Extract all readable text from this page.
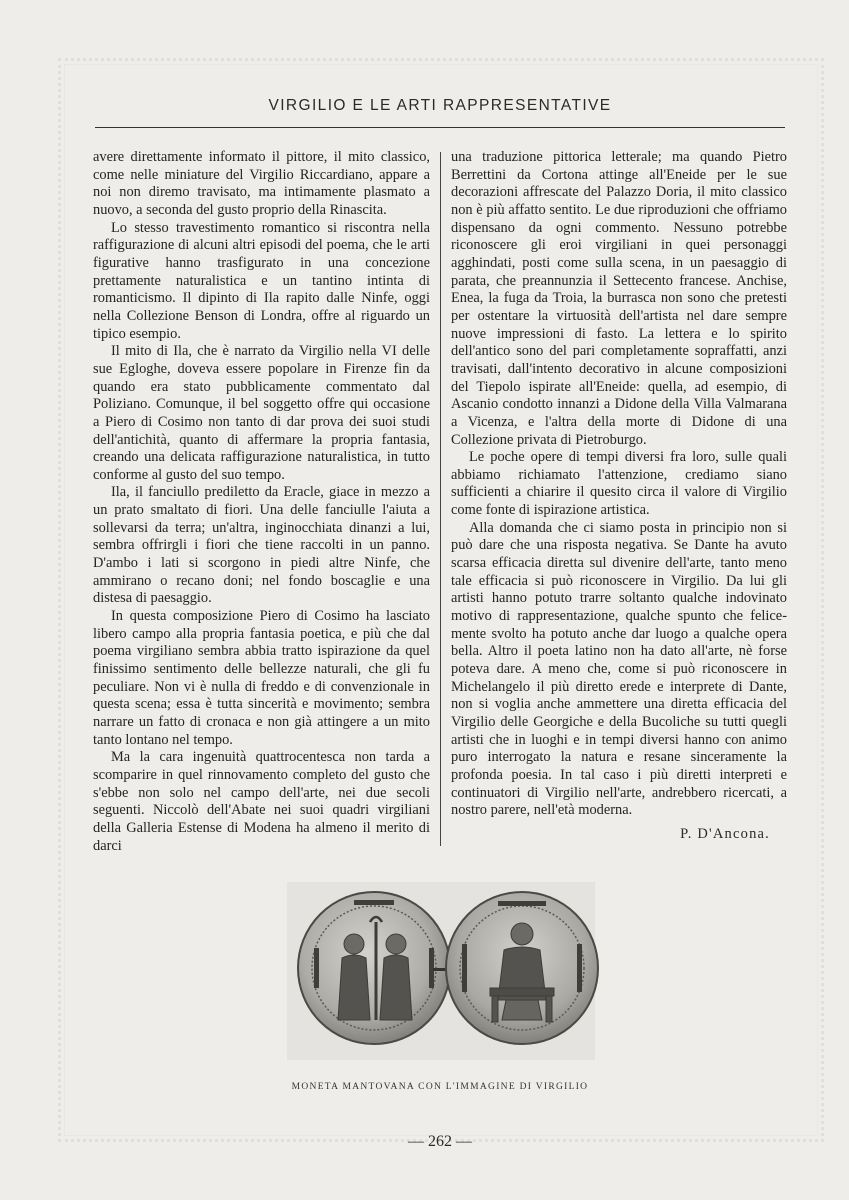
VIRGILIO E LE ARTI RAPPRESENTATIVE

avere direttamente informato il pittore, il mito classico, come nelle miniature del Virgilio Riccardiano, appare a noi non diremo travisato, ma intimamente plasmato a nuovo, a seconda del gusto proprio della Rinascita.

Lo stesso travestimento romantico si riscontra nella raffigurazione di alcuni altri episodi del poema, che le arti figurative hanno trasfigurato in una concezione prettamente naturalistica e un tantino intinta di romanticismo. Il dipinto di Ila rapito dalle Ninfe, oggi nella Collezione Benson di Londra, offre al riguardo un tipico esempio.

Il mito di Ila, che è narrato da Virgilio nella VI delle sue Egloghe, doveva essere popolare in Firenze fin da quando era stato pubblicamente commentato dal Poliziano. Comunque, il bel soggetto offre qui occasione a Piero di Cosimo non tanto di dar prova dei suoi studi dell'antichità, quanto di affermare la propria fantasia, creando una delicata raffigurazione naturalistica, in tutto conforme al gusto del suo tempo.

Ila, il fanciullo prediletto da Eracle, giace in mezzo a un prato smaltato di fiori. Una delle fanciulle l'aiuta a sollevarsi da terra; un'altra, inginocchiata dinanzi a lui, sembra offrirgli i fiori che tiene raccolti in un panno. D'ambo i lati si scorgono in piedi altre Ninfe, che ammirano o recano doni; nel fondo boscaglie e una distesa di paesaggio.

In questa composizione Piero di Cosimo ha lasciato libero campo alla propria fantasia poetica, e più che dal poema virgiliano sembra abbia tratto ispirazione da quel finissimo sentimento delle bellezze naturali, che gli fu peculiare. Non vi è nulla di freddo e di convenzionale in questa scena; essa è tutta sincerità e movimento; sembra narrare un fatto di cronaca e non già attingere a un mito tanto lontano nel tempo.

Ma la cara ingenuità quattrocentesca non tarda a scomparire in quel rinnovamento completo del gusto che s'ebbe non solo nel campo dell'arte, nei due secoli seguenti. Niccolò dell'Abate nei suoi quadri virgiliani della Galleria Estense di Modena ha almeno il merito di darci

una traduzione pittorica letterale; ma quando Pietro Berrettini da Cortona attinge all'Eneide per le sue decorazioni affrescate del Palazzo Doria, il mito classico non è più affatto sentito. Le due riproduzioni che offriamo dispensano da ogni commento. Nessuno potrebbe riconoscere gli eroi virgiliani in quei personaggi agghindati, posti come sulla scena, in un paesaggio di parata, che preannunzia il Settecento francese. Anchise, Enea, la fuga da Troia, la burrasca non sono che pretesti per ostentare la virtuosità dell'artista nel dare sempre nuove impressioni di fasto. La lettera e lo spirito dell'antico sono del pari completamente sopraffatti, anzi travisati, dall'intento decorativo in alcune composizioni del Tiepolo ispirate all'Eneide: quella, ad esempio, di Ascanio condotto innanzi a Didone della Villa Valmarana a Vicenza, e l'altra della morte di Didone di una Collezione privata di Pietroburgo.

Le poche opere di tempi diversi fra loro, sulle quali abbiamo richiamato l'attenzione, crediamo siano sufficienti a chiarire il quesito circa il valore di Virgilio come fonte di ispirazione artistica.

Alla domanda che ci siamo posta in principio non si può dare che una risposta negativa. Se Dante ha avuto scarsa efficacia diretta sul divenire dell'arte, tanto meno tale efficacia si può riconoscere in Virgilio. Da lui gli artisti hanno potuto trarre soltanto qualche indovinato motivo di rappresentazione, qualche spunto che felicemente svolto ha potuto anche dar luogo a qualche opera bella. Altro il poeta latino non ha dato all'arte, nè forse poteva dare. A meno che, come si può riconoscere in Michelangelo il più diretto erede e interprete di Dante, non si voglia anche ammettere una diretta efficacia del Virgilio delle Georgiche e della Bucoliche su tutti quegli artisti che in luoghi e in tempi diversi hanno con animo puro interrogato la natura e resane sinceramente la profonda poesia. In tal caso i più diretti interpreti e continuatori di Virgilio nell'arte, andrebbero ricercati, a nostro parere, nell'età moderna.

P. D'Ancona.
MONETA MANTOVANA CON L'IMMAGINE DI VIRGILIO
— 262 —
